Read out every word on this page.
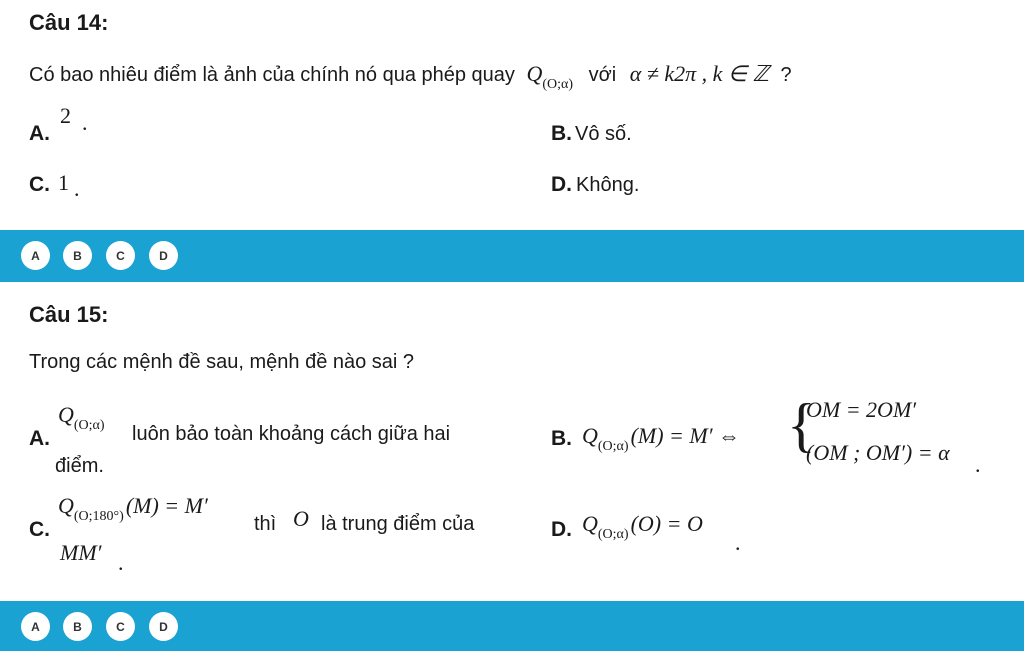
Câu 14:
Có bao nhiêu điểm là ảnh của chính nó qua phép quay $Q_{(O;\alpha)}$ với α ≠ k2π , k ∈ ℤ ?
A.
2 .	B. Vô số.
C. 1 .	D. Không.
A	B	C	D
Câu 15:
Trong các mệnh đề sau, mệnh đề nào sai ?
A.
Q(O;α) luôn bảo toàn khoảng cách giữa hai
điểm.
B. Q(O;α)(M) = M′ ⇔ {
OM = 2OM′
(OM ; OM′) = α .
C.
Q(O;180°)(M) = M′
thì O là trung điểm của
MM′ .
D. Q(O;α)(O) = O
.
A	B	C	D
